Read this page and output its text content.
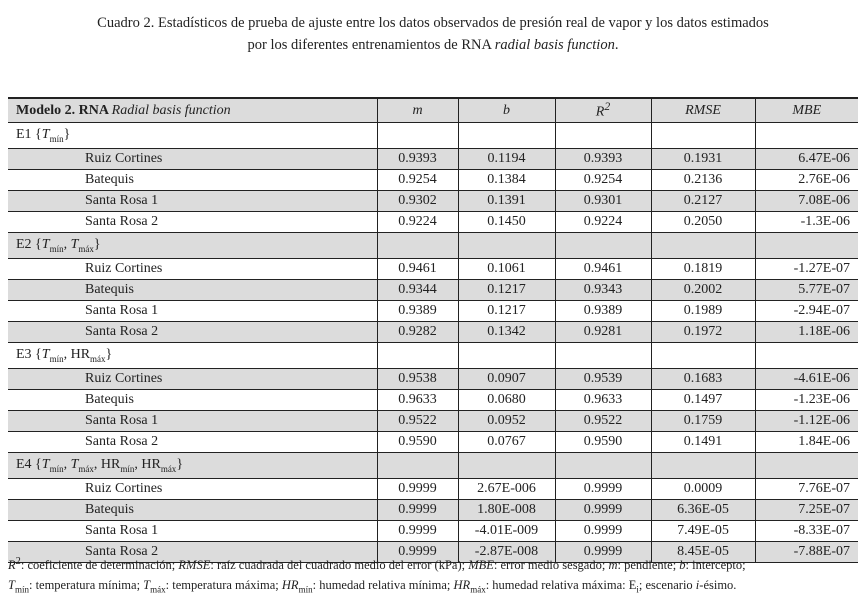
Cuadro 2. Estadísticos de prueba de ajuste entre los datos observados de presión real de vapor y los datos estimados
por los diferentes entrenamientos de RNA radial basis function.
Modelo 2. RNA Radial basis function	m	b	$R^2$	RMSE	MBE
E1 $\{T_{mín}\}$					
Ruiz Cortines	0.9393	0.1194	0.9393	0.1931	6.47E-06
Batequis	0.9254	0.1384	0.9254	0.2136	2.76E-06
Santa Rosa 1	0.9302	0.1391	0.9301	0.2127	7.08E-06
Santa Rosa 2	0.9224	0.1450	0.9224	0.2050	-1.3E-06
E2 {$T_{mín}$, $T_{máx}$}					
Ruiz Cortines	0.9461	0.1061	0.9461	0.1819	-1.27E-07
Batequis	0.9344	0.1217	0.9343	0.2002	5.77E-07
Santa Rosa 1	0.9389	0.1217	0.9389	0.1989	-2.94E-07
Santa Rosa 2	0.9282	0.1342	0.9281	0.1972	1.18E-06
E3 {$T_{mín}$, $HR_{máx}$}					
Ruiz Cortines	0.9538	0.0907	0.9539	0.1683	-4.61E-06
Batequis	0.9633	0.0680	0.9633	0.1497	-1.23E-06
Santa Rosa 1	0.9522	0.0952	0.9522	0.1759	-1.12E-06
Santa Rosa 2	0.9590	0.0767	0.9590	0.1491	1.84E-06
E4 {$T_{mín}$, $T_{máx}$, $HR_{mín}$, $HR_{máx}$}					
Ruiz Cortines	0.9999	2.67E-006	0.9999	0.0009	7.76E-07
Batequis	0.9999	1.80E-008	0.9999	6.36E-05	7.25E-07
Santa Rosa 1	0.9999	-4.01E-009	0.9999	7.49E-05	-8.33E-07
Santa Rosa 2	0.9999	-2.87E-008	0.9999	8.45E-05	-7.88E-07
$R^2$: coeficiente de determinación; RMSE: raíz cuadrada del cuadrado medio del error (kPa); MBE: error medio sesgado; m: pendiente; b: intercepto;
$T_{mín}$: temperatura mínima; $T_{máx}$: temperatura máxima; $HR_{mín}$: humedad relativa mínima; $HR_{máx}$: humedad relativa máxima: $E_i$; escenario i-ésimo.
